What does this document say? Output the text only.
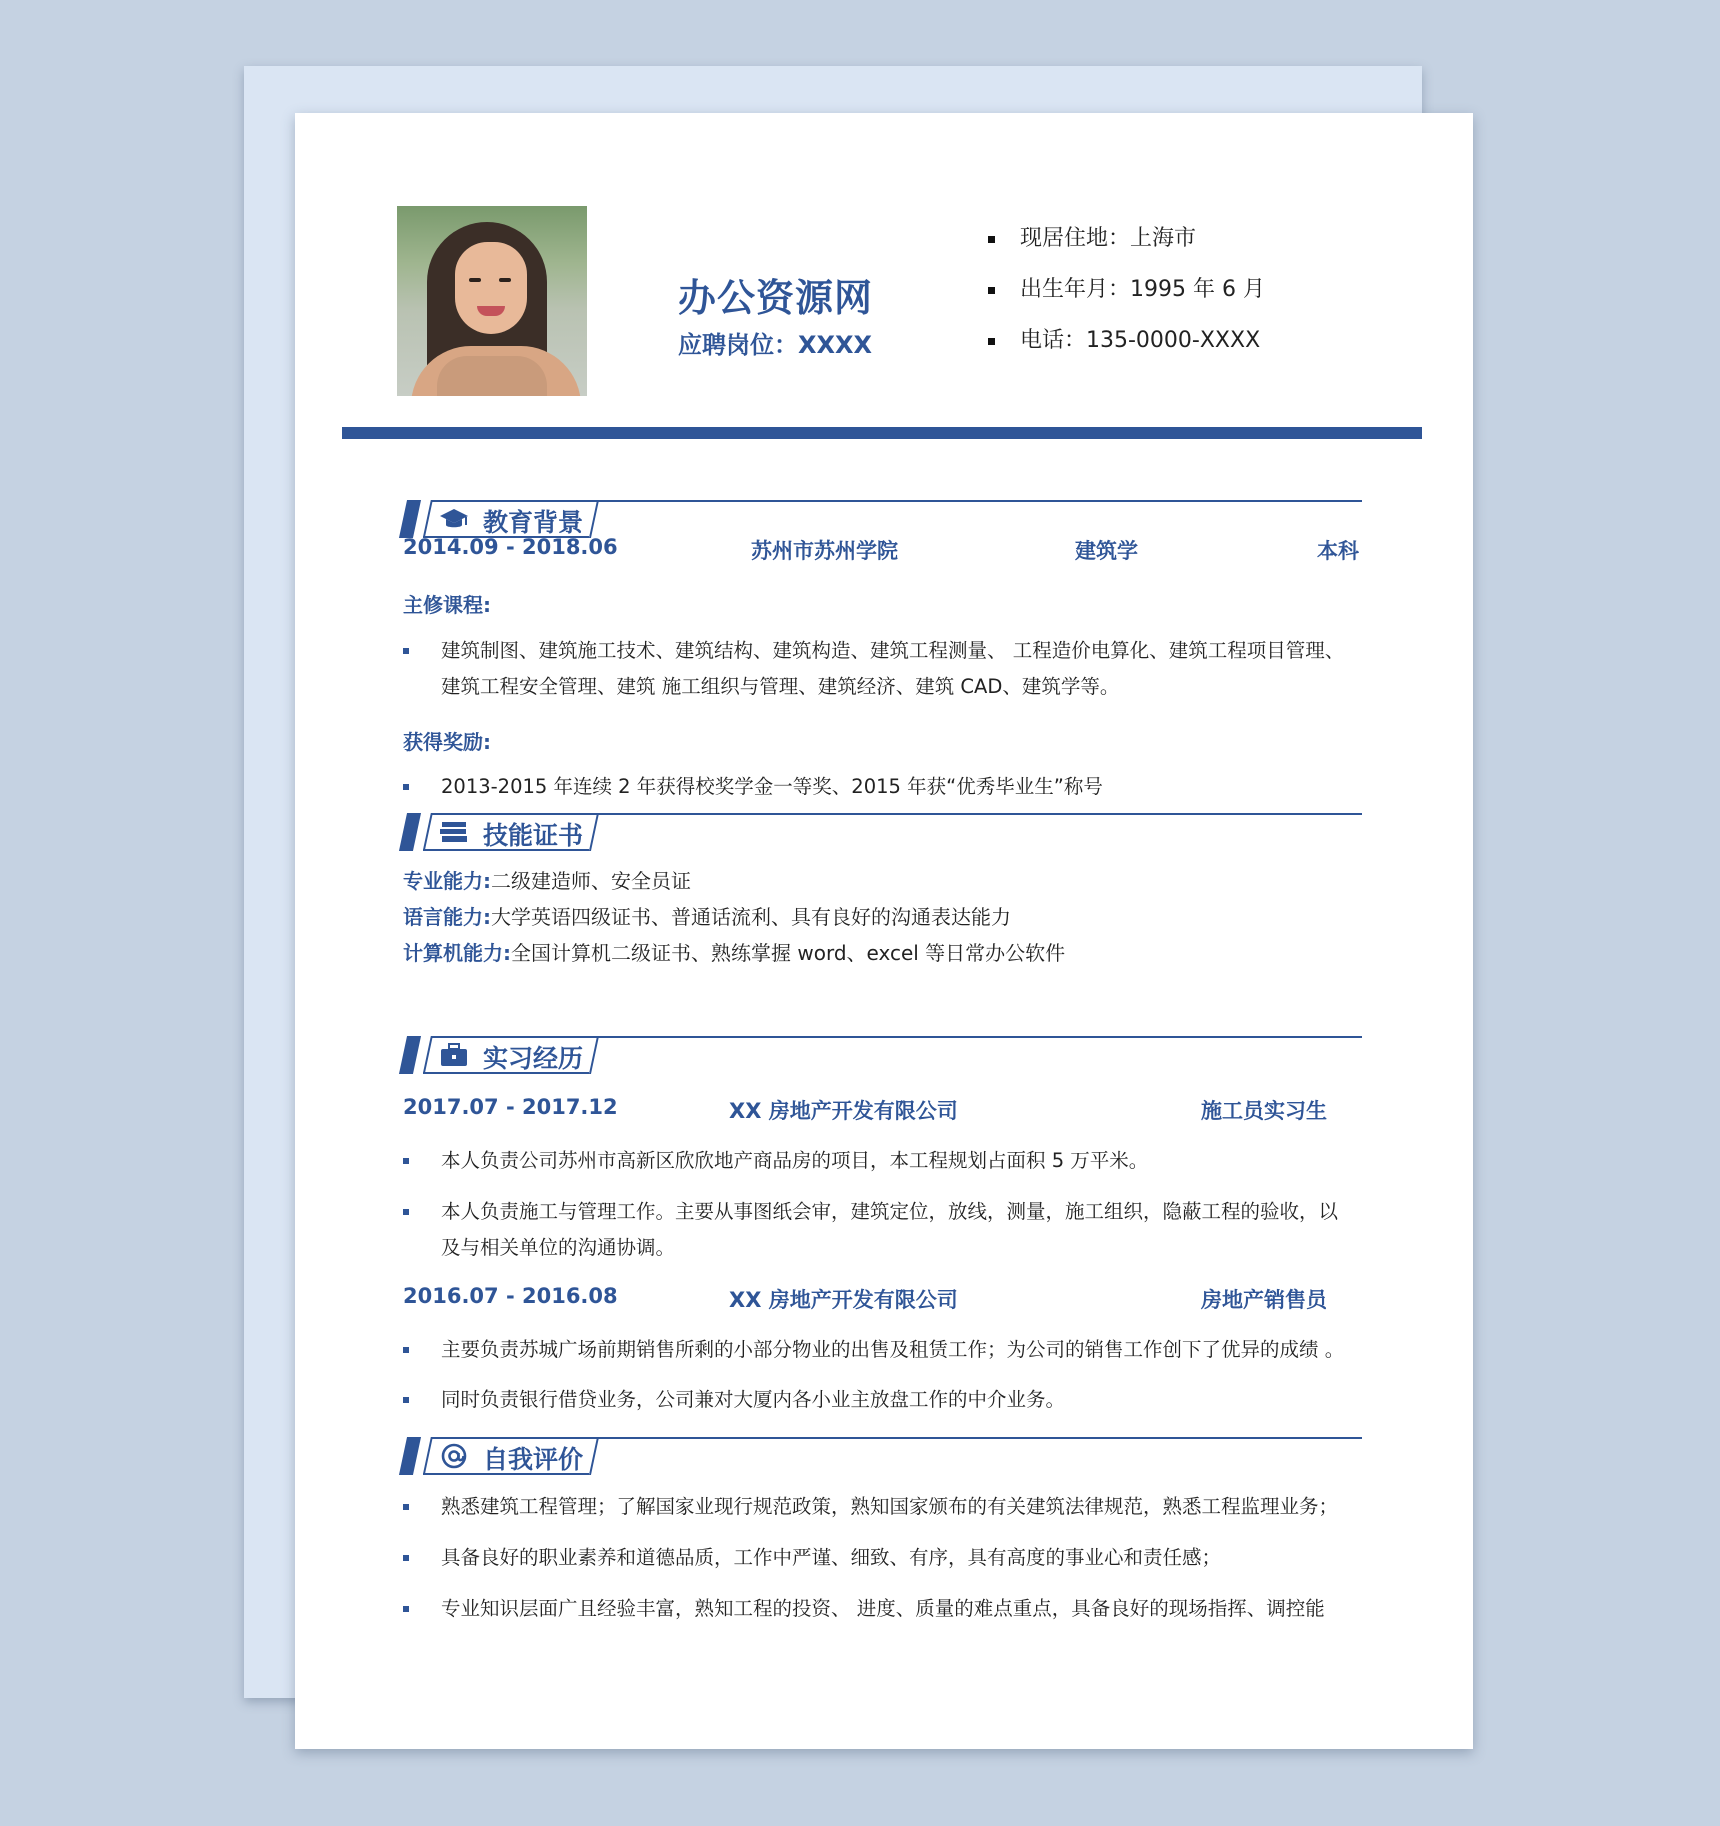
办公资源网
应聘岗位：XXXX
现居住地：上海市
出生年月：1995 年 6 月
电话：135-0000-XXXX
教育背景
2014.09 - 2018.06	苏州市苏州学院	建筑学	本科
主修课程:
建筑制图、建筑施工技术、建筑结构、建筑构造、建筑工程测量、 工程造价电算化、建筑工程项目管理、
建筑工程安全管理、建筑 施工组织与管理、建筑经济、建筑 CAD、建筑学等。
获得奖励:
2013-2015 年连续 2 年获得校奖学金一等奖、2015 年获“优秀毕业生”称号
技能证书
专业能力:二级建造师、安全员证
语言能力:大学英语四级证书、普通话流利、具有良好的沟通表达能力
计算机能力:全国计算机二级证书、熟练掌握 word、excel 等日常办公软件
实习经历
2017.07 - 2017.12	XX 房地产开发有限公司	施工员实习生
本人负责公司苏州市高新区欣欣地产商品房的项目，本工程规划占面积 5 万平米。
本人负责施工与管理工作。主要从事图纸会审，建筑定位，放线，测量，施工组织，隐蔽工程的验收，以
及与相关单位的沟通协调。
2016.07 - 2016.08	XX 房地产开发有限公司	房地产销售员
主要负责苏城广场前期销售所剩的小部分物业的出售及租赁工作；为公司的销售工作创下了优异的成绩 。
同时负责银行借贷业务，公司兼对大厦内各小业主放盘工作的中介业务。
自我评价
熟悉建筑工程管理；了解国家业现行规范政策，熟知国家颁布的有关建筑法律规范，熟悉工程监理业务；
具备良好的职业素养和道德品质，工作中严谨、细致、有序，具有高度的事业心和责任感；
专业知识层面广且经验丰富，熟知工程的投资、 进度、质量的难点重点，具备良好的现场指挥、调控能
